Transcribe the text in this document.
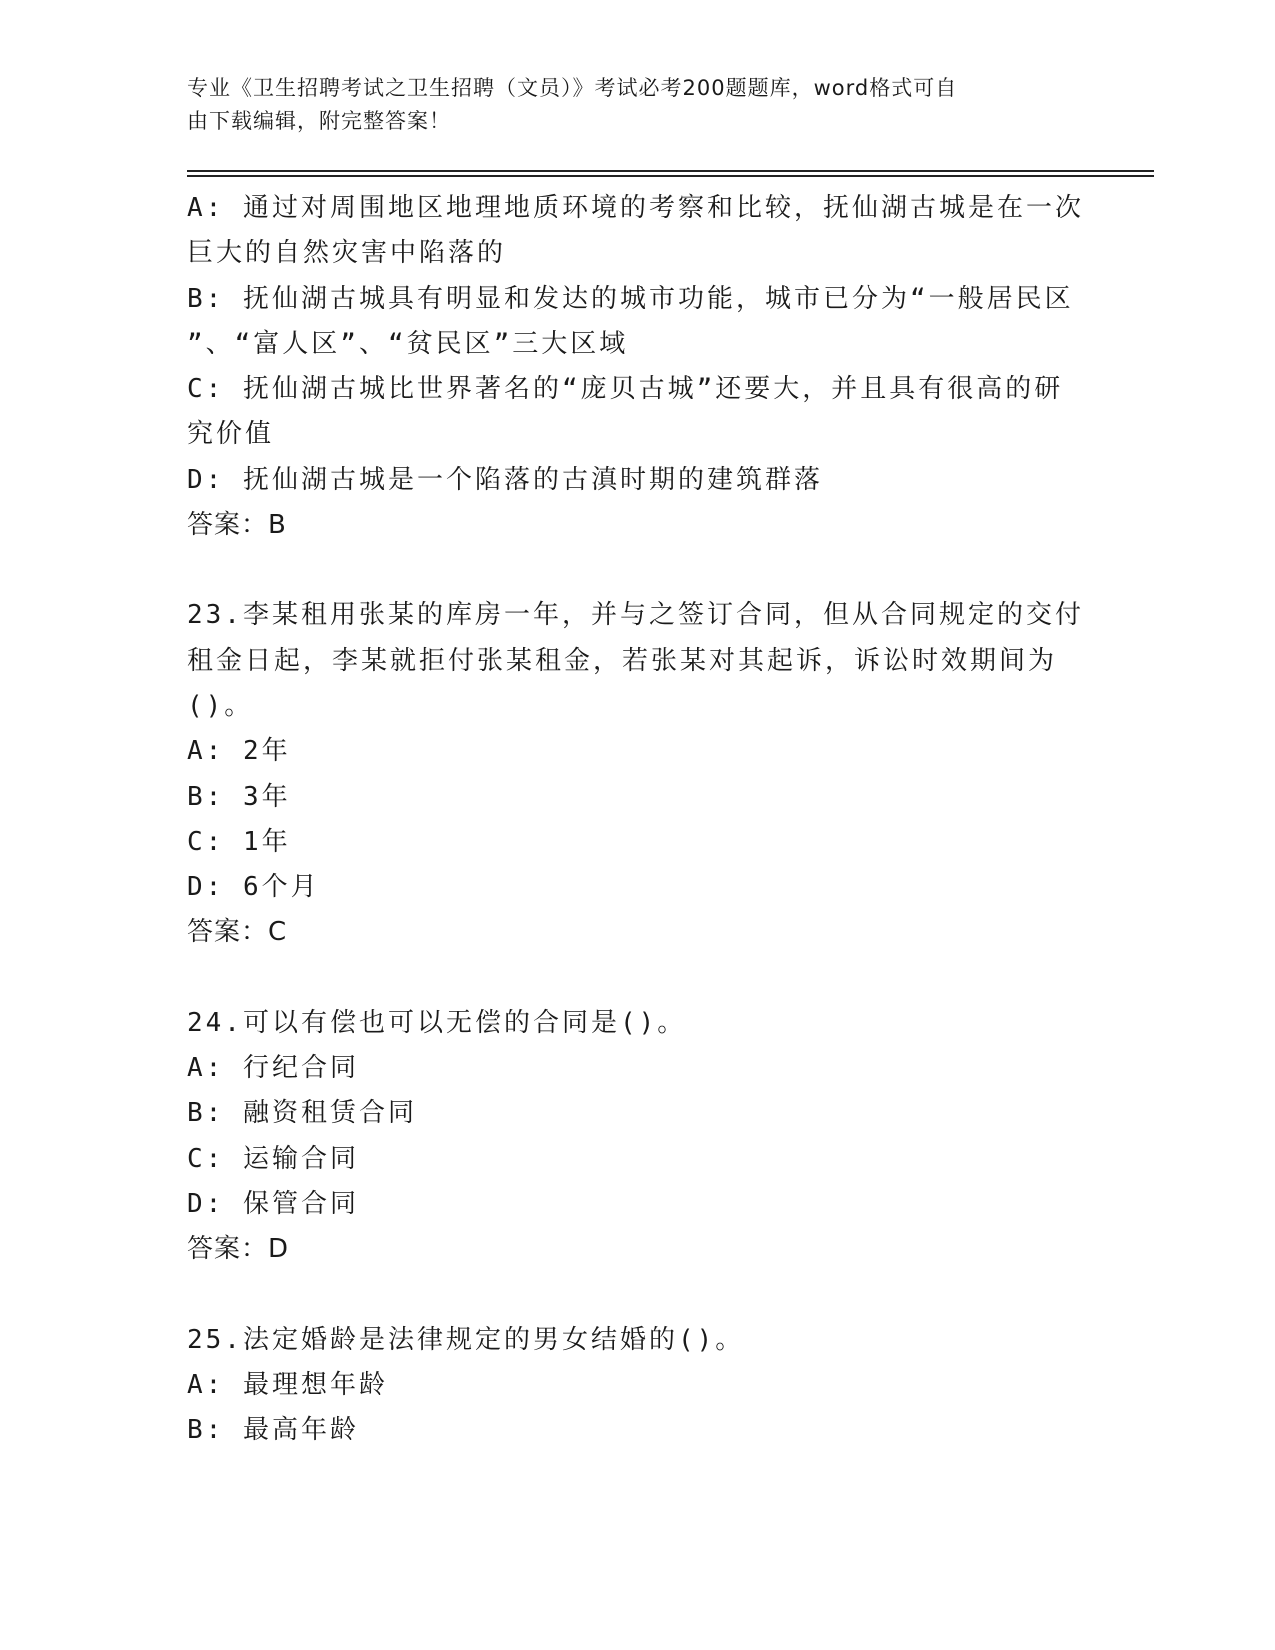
专业《卫生招聘考试之卫生招聘（文员）》考试必考200题题库，word格式可自
由下载编辑，附完整答案！
A: 通过对周围地区地理地质环境的考察和比较，抚仙湖古城是在一次
巨大的自然灾害中陷落的
B: 抚仙湖古城具有明显和发达的城市功能，城市已分为“一般居民区
”、“富人区”、“贫民区”三大区域
C: 抚仙湖古城比世界著名的“庞贝古城”还要大，并且具有很高的研
究价值
D: 抚仙湖古城是一个陷落的古滇时期的建筑群落
答案：B
23.李某租用张某的库房一年，并与之签订合同，但从合同规定的交付
租金日起，李某就拒付张某租金，若张某对其起诉，诉讼时效期间为
()。
A: 2年
B: 3年
C: 1年
D: 6个月
答案：C
24.可以有偿也可以无偿的合同是()。
A: 行纪合同
B: 融资租赁合同
C: 运输合同
D: 保管合同
答案：D
25.法定婚龄是法律规定的男女结婚的()。
A: 最理想年龄
B: 最高年龄
